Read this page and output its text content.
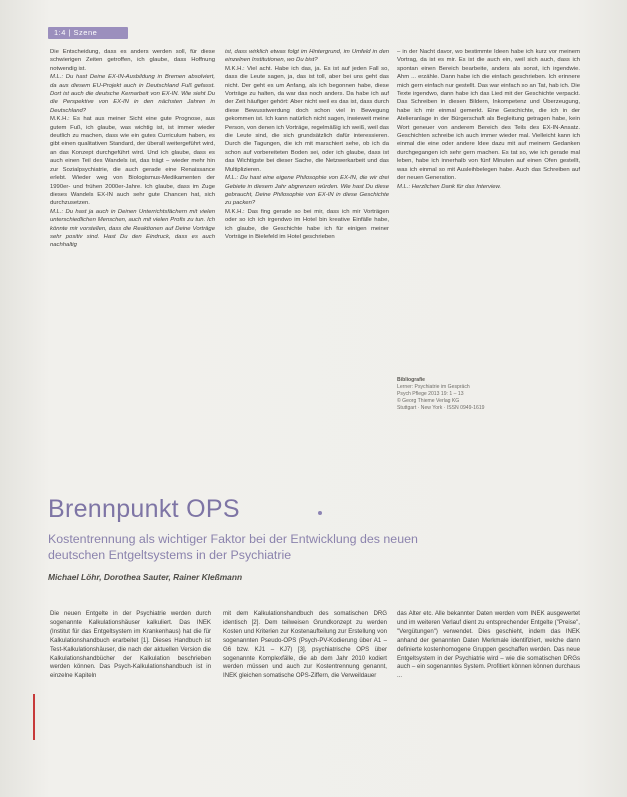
1:4 | Szene

Die Entscheidung, dass es anders werden soll, für diese schwierigen Zeiten getroffen, ich glaube, dass Hoffnung notwendig ist.

M.L.: Du hast Deine EX-IN-Ausbildung in Bremen absolviert, da aus diesem EU-Projekt auch in Deutschland Fuß gefasst. Dort ist auch die deutsche Kernarbeit von EX-IN. Wie sieht Du die Perspektive von EX-IN in den nächsten Jahren in Deutschland?

M.K.H.: Es hat aus meiner Sicht eine gute Prognose, aus gutem Fuß, ich glaube, was wichtig ist, ist immer wieder deutlich zu machen, dass wie ein gutes Curriculum haben, es gibt einen qualitativen Standard, der überall weitergeführt wird, an das Konzept durchgeführt wird. Und ich glaube, dass es auch einen Teil des Wandels ist, das trägt – wieder mehr hin zur Sozialpsychiatrie, die auch gerade eine Renaissance erlebt. Wieder weg von Biologismus-Medikamenten der 1990er- und frühen 2000er-Jahre. Ich glaube, dass im Zuge dieses Wandels EX-IN auch sehr gute Chancen hat, sich durchzusetzen.

M.L.: Du hast ja auch in Deinen Unterrichtsfächern mit vielen unterschiedlichen Menschen, auch mit vielen Profis zu tun. Ich könnte mir vorstellen, dass die Reaktionen auf Deine Vorträge sehr positiv sind. Hast Du den Eindruck, dass es auch nachhaltig

ist, dass wirklich etwas folgt im Hintergrund, im Umfeld in den einzelnen Institutionen, wo Du bist?

M.K.H.: Viel acht. Habe ich das, ja. Es ist auf jeden Fall so, dass die Leute sagen, ja, das ist toll, aber bei uns geht das nicht. Der geht es um Anfang, als ich begonnen habe, diese Vorträge zu halten, da war das noch anders. Da habe ich auf der Zeit häufiger gehört: Aber nicht weil es das ist, dass durch diese Bewusstwerdung doch schon viel in Bewegung gekommen ist. Ich kann natürlich nicht sagen, inwieweit meine Person, von denen ich Vorträge, regelmäßig ich weiß, weil das die Leute sind, die sich grundsätzlich dafür interessieren. Durch die Tagungen, die ich mit marschiert sehe, ob ich da schon auf vorbereiteten Boden sei, oder ich glaube, dass ist das Wichtigste bei dieser Sache, die Netzwerkarbeit und das Multiplizieren.

M.L.: Du hast eine eigene Philosophie von EX-IN, die wir drei Gebiete in diesem Jahr abgrenzen würden. Wie hast Du diese gebraucht, Deine Philosophie von EX-IN in diese Geschichte zu packen?

M.K.H.: Das fing gerade so bei mir, dass ich mir Vorträgen oder so ich ich irgendwo im Hotel bin kreative Einfälle habe, ich glaube, die Geschichte habe ich für einigen meiner Vorträge in Bielefeld im Hotel geschrieben

– in der Nacht davor, wo bestimmte Ideen habe ich kurz vor meinem Vortrag, da ist es mir. Es ist die auch ein, weil sich auch, dass ich spontan einen Bereich bearbeite, anders als sonst, ich irgendwie. Ahm ... erzähle. Dann habe ich die einfach geschrieben. Ich erinnere mich gern einfach nur gestellt. Das war einfach so an Tat, hab ich. Die Texte irgendwo, dann habe ich das Lied mit der Geschichte verpackt. Das Schreiben in diesen Bildern, Inkompetenz und Überzeugung, habe ich mir einmal gemerkt. Eine Geschichte, die ich in der Atelieranlage in der Bürgerschaft als Begleitung getragen habe, kein Wort geneuer von anderem Bereich des Teils des EX-IN-Ansatz. Geschichten schreibe ich auch immer wieder mal. Vielleicht kann ich einmal die eine oder andere Idee dazu mit auf meinem Gedanken durchgegangen ich sehr gern machen. Es tat so, wie ich gerade mal leben, habe ich innerhalb von fünf Minuten auf einen Ofen gestellt, was ich einmal so mit Ausleihbelegen habe. Auch das Schreiben auf der neuen Generation.

M.L.: Herzlichen Dank für das Interview.

Bibliografie
Lerner: Psychiatrie im Gespräch
Psych Pflege 2013 19: 1 – 13
© Georg Thieme Verlag KG
Stuttgart · New York · ISSN 0949-1619
Brennpunkt OPS
Kostentrennung als wichtiger Faktor bei der Entwicklung des neuen deutschen Entgeltsystems in der Psychiatrie
Michael Löhr, Dorothea Sauter, Rainer Kleßmann
Die neuen Entgelte in der Psychiatrie werden durch sogenannte Kalkulationshäuser kalkuliert. Das INEK (Institut für das Entgeltsystem im Krankenhaus) hat die für Kalkulationshandbuch erarbeitet [1]. Dieses Handbuch ist Test-Kalkulationshäuser, die nach der aktuellen Version die Kalkulationshandbücher der Kalkulation beschrieben werden können. Das Psych-Kalkulationshandbuch ist in einzelne Kapiteln
mit dem Kalkulationshandbuch des somatischen DRG identisch [2]. Dem teilweisen Grundkonzept zu werden Kosten und Kriterien zur Kostenaufteilung zur Erstellung von sogenannten Pseudo-OPS (Psych-PV-Kodierung über A1 – G6 bzw. KJ1 – KJ7) [3], psychiatrische OPS über sogenannte Komplexfälle, die ab dem Jahr 2010 kodiert werden müssen und auch zur Kostentrennung genannt, INEK gleichen somatische OPS-Ziffern, die Verweildauer
das Alter etc. Alle bekannter Daten werden vom INEK ausgewertet und im weiteren Verlauf dient zu entsprechender Entgelte ("Preise", "Vergütungen") verwendet. Dies geschieht, indem das INEK anhand der genannten Daten Merkmale identifiziert, welche dann definierte kostenhomogene Gruppen geschaffen werden. Das neue Entgeltsystem in der Psychiatrie wird – wie die somatischen DRGs auch – ein sogenanntes System. Profitiert können können durchaus ...
